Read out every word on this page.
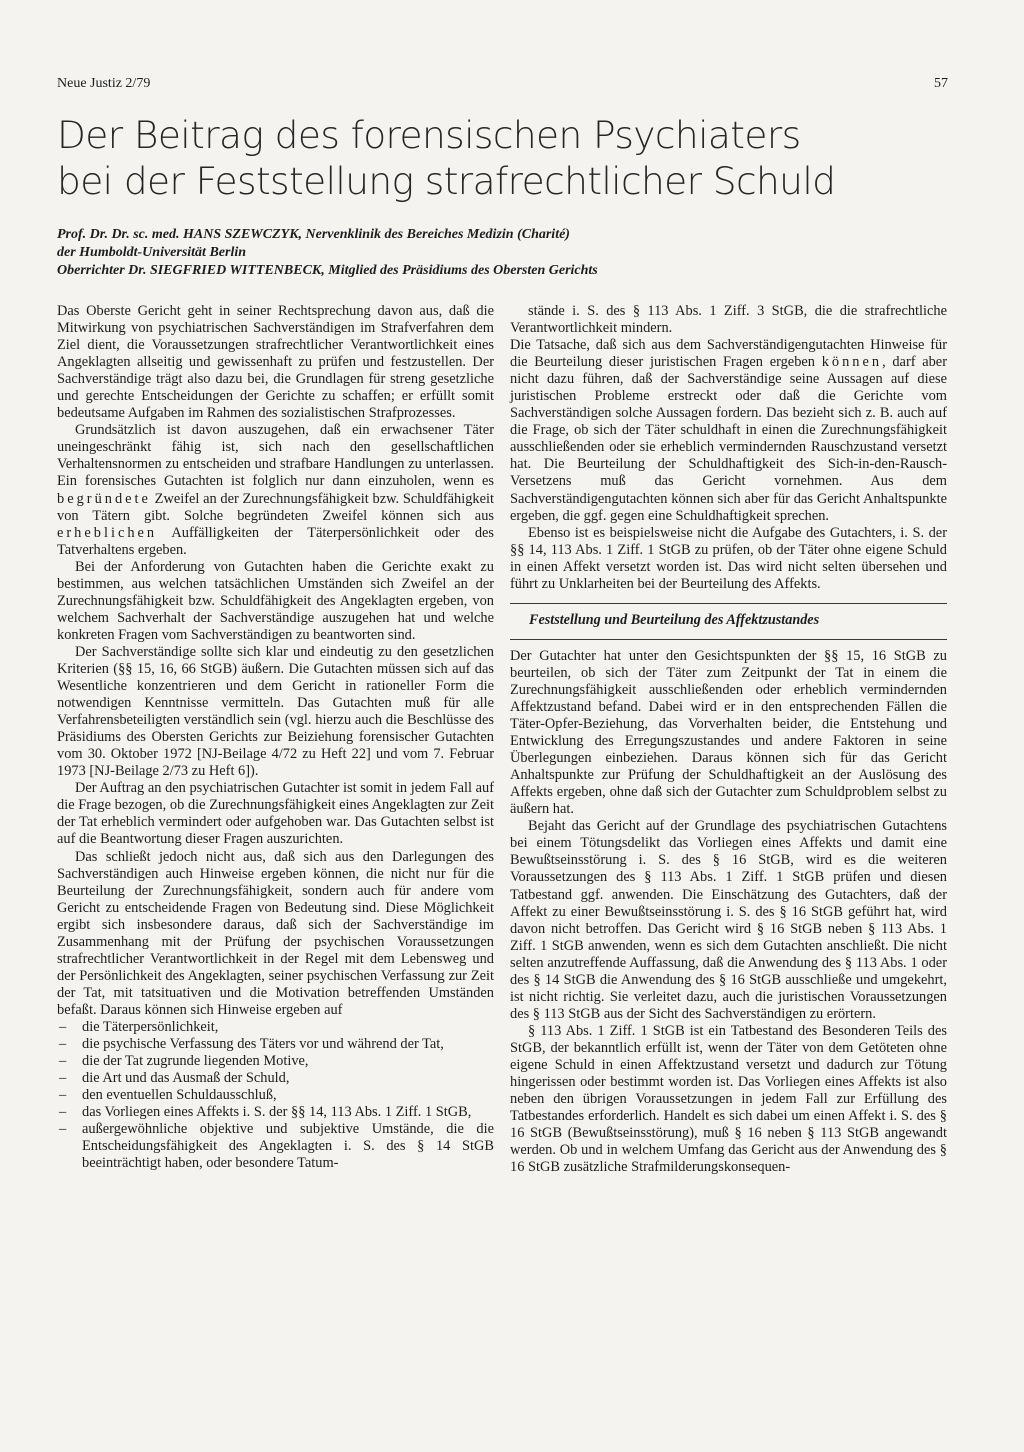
Neue Justiz 2/79	57
Der Beitrag des forensischen Psychiaters
bei der Feststellung strafrechtlicher Schuld
Prof. Dr. Dr. sc. med. HANS SZEWCZYK, Nervenklinik des Bereiches Medizin (Charité)
der Humboldt-Universität Berlin
Oberrichter Dr. SIEGFRIED WITTENBECK, Mitglied des Präsidiums des Obersten Gerichts

Das Oberste Gericht geht in seiner Rechtsprechung davon aus, daß die Mitwirkung von psychiatrischen Sachverständigen im Strafverfahren dem Ziel dient, die Voraussetzungen strafrechtlicher Verantwortlichkeit eines Angeklagten allseitig und gewissenhaft zu prüfen und festzustellen. Der Sachverständige trägt also dazu bei, die Grundlagen für streng gesetzliche und gerechte Entscheidungen der Gerichte zu schaffen; er erfüllt somit bedeutsame Aufgaben im Rahmen des sozialistischen Strafprozesses.

Grundsätzlich ist davon auszugehen, daß ein erwachsener Täter uneingeschränkt fähig ist, sich nach den gesellschaftlichen Verhaltensnormen zu entscheiden und strafbare Handlungen zu unterlassen. Ein forensisches Gutachten ist folglich nur dann einzuholen, wenn es begründete Zweifel an der Zurechnungsfähigkeit bzw. Schuldfähigkeit von Tätern gibt. Solche begründeten Zweifel können sich aus erheblichen Auffälligkeiten der Täterpersönlichkeit oder des Tatverhaltens ergeben.

Bei der Anforderung von Gutachten haben die Gerichte exakt zu bestimmen, aus welchen tatsächlichen Umständen sich Zweifel an der Zurechnungsfähigkeit bzw. Schuldfähigkeit des Angeklagten ergeben, von welchem Sachverhalt der Sachverständige auszugehen hat und welche konkreten Fragen vom Sachverständigen zu beantworten sind.

Der Sachverständige sollte sich klar und eindeutig zu den gesetzlichen Kriterien (§§ 15, 16, 66 StGB) äußern. Die Gutachten müssen sich auf das Wesentliche konzentrieren und dem Gericht in rationeller Form die notwendigen Kenntnisse vermitteln. Das Gutachten muß für alle Verfahrensbeteiligten verständlich sein (vgl. hierzu auch die Beschlüsse des Präsidiums des Obersten Gerichts zur Beiziehung forensischer Gutachten vom 30. Oktober 1972 [NJ-Beilage 4/72 zu Heft 22] und vom 7. Februar 1973 [NJ-Beilage 2/73 zu Heft 6]).

Der Auftrag an den psychiatrischen Gutachter ist somit in jedem Fall auf die Frage bezogen, ob die Zurechnungsfähigkeit eines Angeklagten zur Zeit der Tat erheblich vermindert oder aufgehoben war. Das Gutachten selbst ist auf die Beantwortung dieser Fragen auszurichten.

Das schließt jedoch nicht aus, daß sich aus den Darlegungen des Sachverständigen auch Hinweise ergeben können, die nicht nur für die Beurteilung der Zurechnungsfähigkeit, sondern auch für andere vom Gericht zu entscheidende Fragen von Bedeutung sind. Diese Möglichkeit ergibt sich insbesondere daraus, daß sich der Sachverständige im Zusammenhang mit der Prüfung der psychischen Voraussetzungen strafrechtlicher Verantwortlichkeit in der Regel mit dem Lebensweg und der Persönlichkeit des Angeklagten, seiner psychischen Verfassung zur Zeit der Tat, mit tatsituativen und die Motivation betreffenden Umständen befaßt. Daraus können sich Hinweise ergeben auf

– die Täterpersönlichkeit,
– die psychische Verfassung des Täters vor und während der Tat,
– die der Tat zugrunde liegenden Motive,
– die Art und das Ausmaß der Schuld,
– den eventuellen Schuldausschluß,
– das Vorliegen eines Affekts i. S. der §§ 14, 113 Abs. 1 Ziff. 1 StGB,
– außergewöhnliche objektive und subjektive Umstände, die die Entscheidungsfähigkeit des Angeklagten i. S. des § 14 StGB beeinträchtigt haben, oder besondere Tatum-

stände i. S. des § 113 Abs. 1 Ziff. 3 StGB, die die strafrechtliche Verantwortlichkeit mindern.

Die Tatsache, daß sich aus dem Sachverständigengutachten Hinweise für die Beurteilung dieser juristischen Fragen ergeben können, darf aber nicht dazu führen, daß der Sachverständige seine Aussagen auf diese juristischen Probleme erstreckt oder daß die Gerichte vom Sachverständigen solche Aussagen fordern. Das bezieht sich z. B. auch auf die Frage, ob sich der Täter schuldhaft in einen die Zurechnungsfähigkeit ausschließenden oder sie erheblich vermindernden Rauschzustand versetzt hat. Die Beurteilung der Schuldhaftigkeit des Sich-in-den-Rausch-Versetzens muß das Gericht vornehmen. Aus dem Sachverständigengutachten können sich aber für das Gericht Anhaltspunkte ergeben, die ggf. gegen eine Schuldhaftigkeit sprechen.

Ebenso ist es beispielsweise nicht die Aufgabe des Gutachters, i. S. der §§ 14, 113 Abs. 1 Ziff. 1 StGB zu prüfen, ob der Täter ohne eigene Schuld in einen Affekt versetzt worden ist. Das wird nicht selten übersehen und führt zu Unklarheiten bei der Beurteilung des Affekts.

Feststellung und Beurteilung des Affektzustandes

Der Gutachter hat unter den Gesichtspunkten der §§ 15, 16 StGB zu beurteilen, ob sich der Täter zum Zeitpunkt der Tat in einem die Zurechnungsfähigkeit ausschließenden oder erheblich vermindernden Affektzustand befand. Dabei wird er in den entsprechenden Fällen die Täter-Opfer-Beziehung, das Vorverhalten beider, die Entstehung und Entwicklung des Erregungszustandes und andere Faktoren in seine Überlegungen einbeziehen. Daraus können sich für das Gericht Anhaltspunkte zur Prüfung der Schuldhaftigkeit an der Auslösung des Affekts ergeben, ohne daß sich der Gutachter zum Schuldproblem selbst zu äußern hat.

Bejaht das Gericht auf der Grundlage des psychiatrischen Gutachtens bei einem Tötungsdelikt das Vorliegen eines Affekts und damit eine Bewußtseinsstörung i. S. des § 16 StGB, wird es die weiteren Voraussetzungen des § 113 Abs. 1 Ziff. 1 StGB prüfen und diesen Tatbestand ggf. anwenden. Die Einschätzung des Gutachters, daß der Affekt zu einer Bewußtseinsstörung i. S. des § 16 StGB geführt hat, wird davon nicht betroffen. Das Gericht wird § 16 StGB neben § 113 Abs. 1 Ziff. 1 StGB anwenden, wenn es sich dem Gutachten anschließt. Die nicht selten anzutreffende Auffassung, daß die Anwendung des § 113 Abs. 1 oder des § 14 StGB die Anwendung des § 16 StGB ausschließe und umgekehrt, ist nicht richtig. Sie verleitet dazu, auch die juristischen Voraussetzungen des § 113 StGB aus der Sicht des Sachverständigen zu erörtern.

§ 113 Abs. 1 Ziff. 1 StGB ist ein Tatbestand des Besonderen Teils des StGB, der bekanntlich erfüllt ist, wenn der Täter von dem Getöteten ohne eigene Schuld in einen Affektzustand versetzt und dadurch zur Tötung hingerissen oder bestimmt worden ist. Das Vorliegen eines Affekts ist also neben den übrigen Voraussetzungen in jedem Fall zur Erfüllung des Tatbestandes erforderlich. Handelt es sich dabei um einen Affekt i. S. des § 16 StGB (Bewußtseinsstörung), muß § 16 neben § 113 StGB angewandt werden. Ob und in welchem Umfang das Gericht aus der Anwendung des § 16 StGB zusätzliche Strafmilderungskonsequen-
